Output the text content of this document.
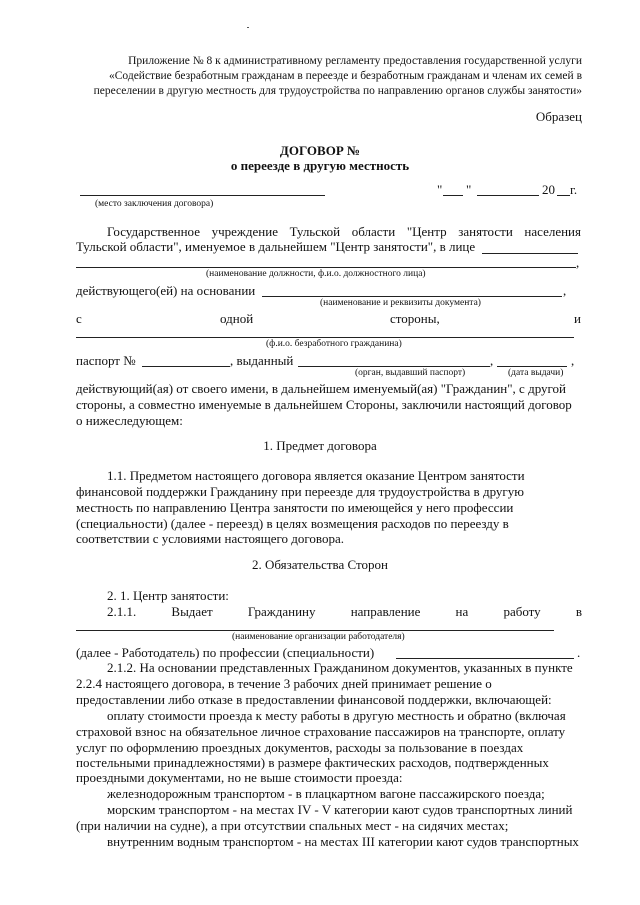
Приложение № 8 к административному регламенту предоставления государственной услуги
«Содействие безработным гражданам в переезде и безработным гражданам и членам их семей в
переселении в другую местность для трудоустройства по направлению органов службы занятости»
Образец
ДОГОВОР №
о переезде в другую местность
(место заключения договора)
" "	20 г.
Государственное учреждение Тульской области "Центр занятости населения
Тульской области", именуемое в дальнейшем "Центр занятости", в лице
,
(наименование должности, ф.и.о. должностного лица)
действующего(ей) на основании	,
(наименование и реквизиты документа)
с	одной	стороны,	и
(ф.и.о. безработного гражданина)
паспорт №	, выданный	,	,
(орган, выдавший паспорт)	(дата выдачи)
действующий(ая) от своего имени, в дальнейшем именуемый(ая) "Гражданин", с другой
стороны, а совместно именуемые в дальнейшем Стороны, заключили настоящий договор
о нижеследующем:
1. Предмет договора
1.1. Предметом настоящего договора является оказание Центром занятости
финансовой поддержки Гражданину при переезде для трудоустройства в другую
местность по направлению Центра занятости по имеющейся у него профессии
(специальности) (далее - переезд) в целях возмещения расходов по переезду в
соответствии с условиями настоящего договора.
2. Обязательства Сторон
2. 1. Центр занятости:
2.1.1.	Выдает	Гражданину	направление	на	работу	в
(наименование организации работодателя)
(далее - Работодатель) по профессии (специальности)	.
2.1.2. На основании представленных Гражданином документов, указанных в пункте
2.2.4 настоящего договора, в течение 3 рабочих дней принимает решение о
предоставлении либо отказе в предоставлении финансовой поддержки, включающей:
оплату стоимости проезда к месту работы в другую местность и обратно (включая
страховой взнос на обязательное личное страхование пассажиров на транспорте, оплату
услуг по оформлению проездных документов, расходы за пользование в поездах
постельными принадлежностями) в размере фактических расходов, подтвержденных
проездными документами, но не выше стоимости проезда:
железнодорожным транспортом - в плацкартном вагоне пассажирского поезда;
морским транспортом - на местах IV - V категории кают судов транспортных линий
(при наличии на судне), а при отсутствии спальных мест - на сидячих местах;
внутренним водным транспортом - на местах III категории кают судов транспортных
